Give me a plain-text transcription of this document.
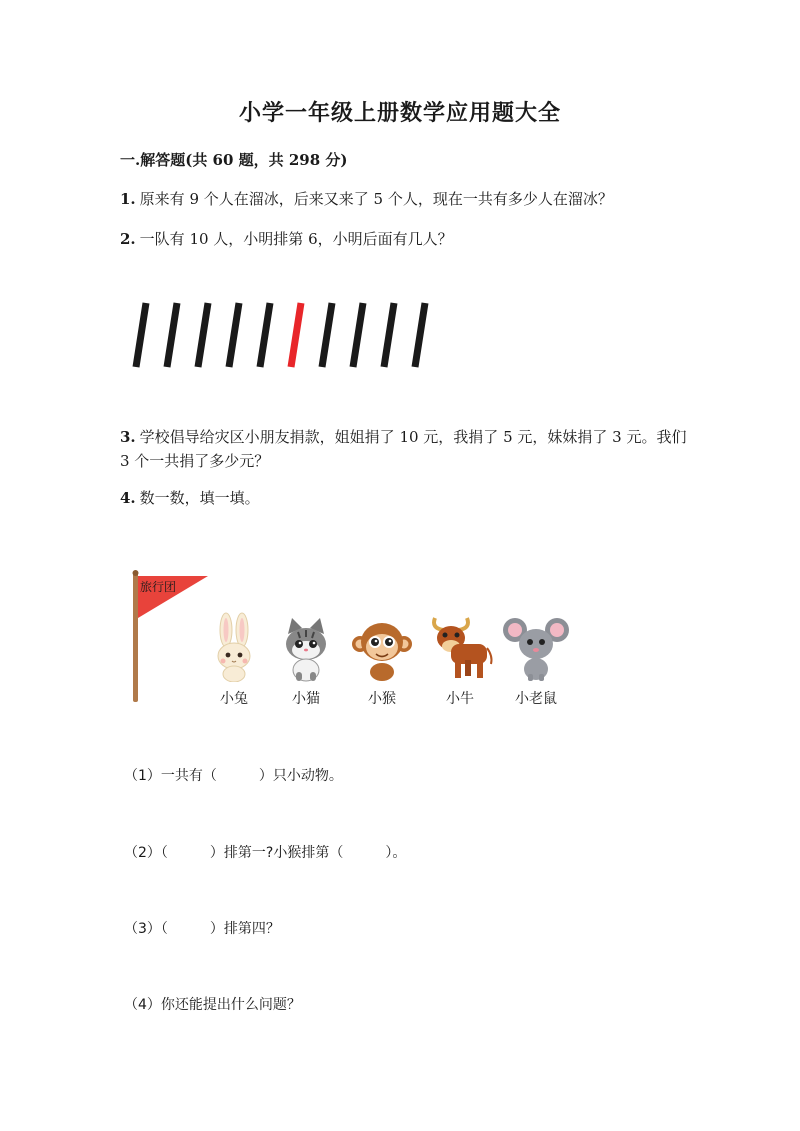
小学一年级上册数学应用题大全
一.解答题(共 60 题，共 298 分)
1. 原来有 9 个人在溜冰，后来又来了 5 个人，现在一共有多少人在溜冰？
2. 一队有 10 人，小明排第 6，小明后面有几人？
3. 学校倡导给灾区小朋友捐款，姐姐捐了 10 元，我捐了 5 元，妹妹捐了 3 元。我们 3 个一共捐了多少元？
4. 数一数，填一填。
旅行团
小兔	小猫	小猴	小牛	小老鼠
（1）一共有（　　　）只小动物。
（2）（　　　）排第一?小猴排第（　　　）。
（3）（　　　）排第四？
（4）你还能提出什么问题？
